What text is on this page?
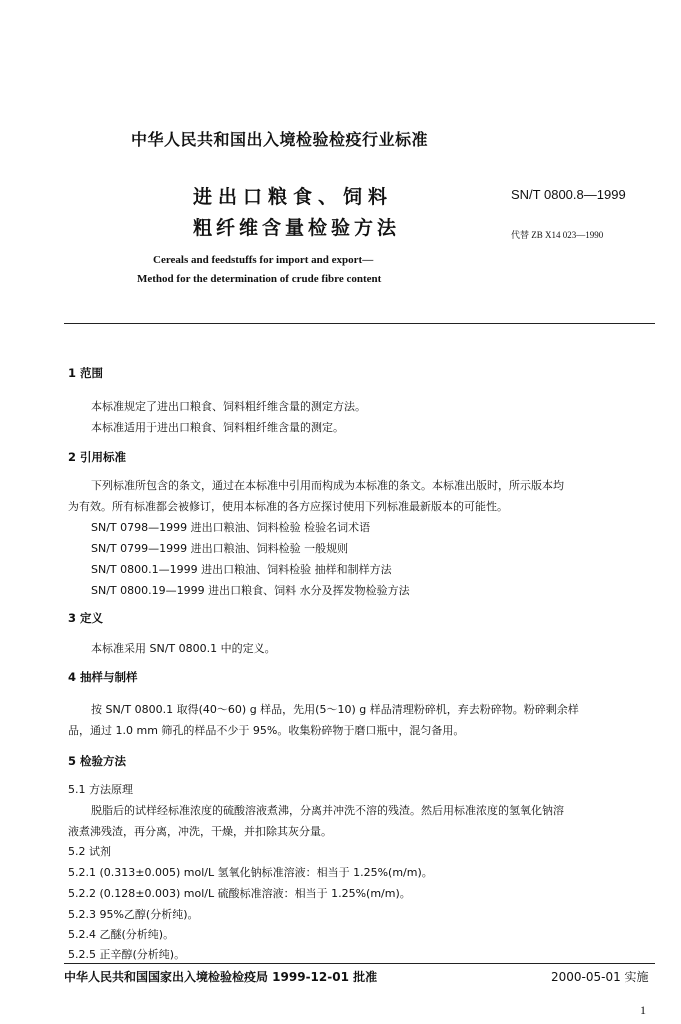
中华人民共和国出入境检验检疫行业标准
进出口粮食、饲料
粗纤维含量检验方法
SN/T 0800.8—1999
代替 ZB X14 023—1990
Cereals and feedstuffs for import and export—
Method for the determination of crude fibre content
1 范围
本标准规定了进出口粮食、饲料粗纤维含量的测定方法。
本标准适用于进出口粮食、饲料粗纤维含量的测定。
2 引用标准
下列标准所包含的条文，通过在本标准中引用而构成为本标准的条文。本标准出版时，所示版本均
为有效。所有标准都会被修订，使用本标准的各方应探讨使用下列标准最新版本的可能性。
SN/T 0798—1999 进出口粮油、饲料检验 检验名词术语
SN/T 0799—1999 进出口粮油、饲料检验 一般规则
SN/T 0800.1—1999 进出口粮油、饲料检验 抽样和制样方法
SN/T 0800.19—1999 进出口粮食、饲料 水分及挥发物检验方法
3 定义
本标准采用 SN/T 0800.1 中的定义。
4 抽样与制样
按 SN/T 0800.1 取得(40～60) g 样品，先用(5～10) g 样品清理粉碎机，弃去粉碎物。粉碎剩余样
品，通过 1.0 mm 筛孔的样品不少于 95%。收集粉碎物于磨口瓶中，混匀备用。
5 检验方法
5.1 方法原理
脱脂后的试样经标准浓度的硫酸溶液煮沸，分离并冲洗不溶的残渣。然后用标准浓度的氢氧化钠溶
液煮沸残渣，再分离，冲洗，干燥，并扣除其灰分量。
5.2 试剂
5.2.1 (0.313±0.005) mol/L 氢氧化钠标准溶液：相当于 1.25%(m/m)。
5.2.2 (0.128±0.003) mol/L 硫酸标准溶液：相当于 1.25%(m/m)。
5.2.3 95%乙醇(分析纯)。
5.2.4 乙醚(分析纯)。
5.2.5 正辛醇(分析纯)。
中华人民共和国国家出入境检验检疫局 1999-12-01 批准	2000-05-01 实施
1
